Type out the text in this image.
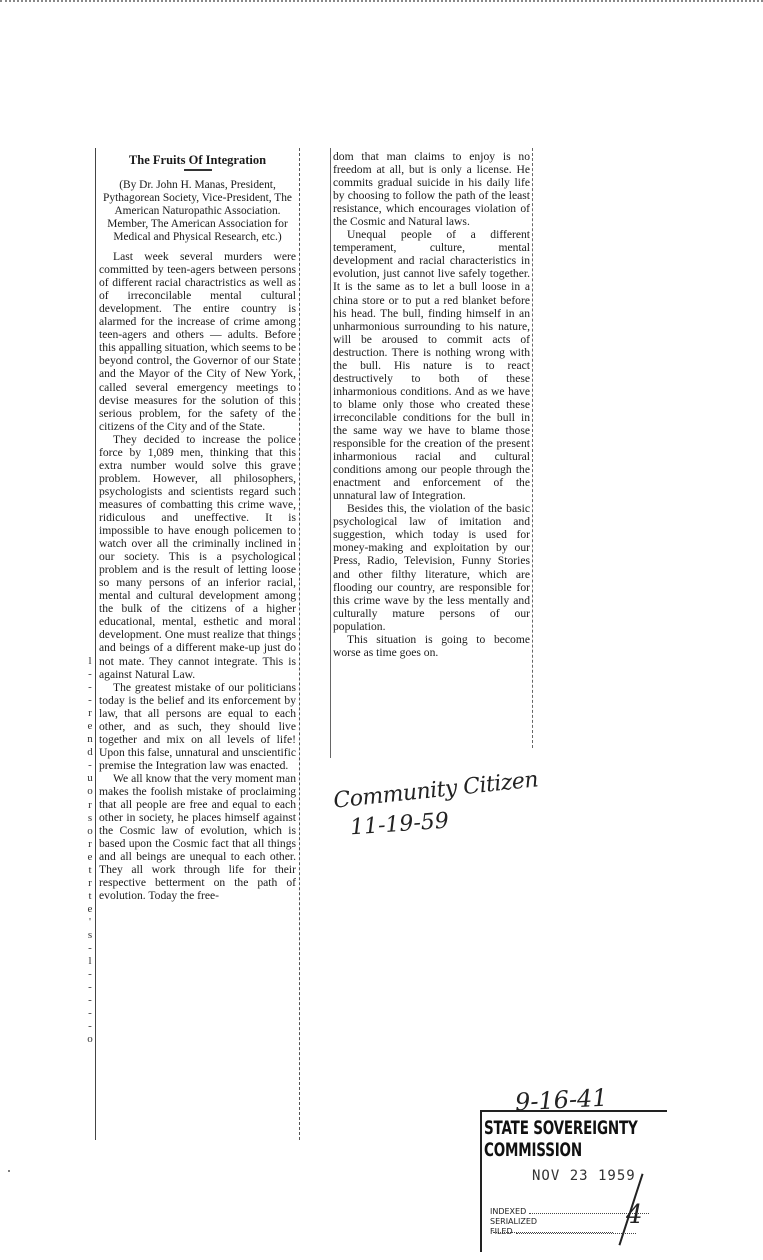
l
-
-
-
r
e
n
d
-
u
o
r
s
o
r
e
t
r
t
e
'
s
-
l
-
-
-
-
-
o
The Fruits Of Integration
(By Dr. John H. Manas, President, Pythagorean Society, Vice-President, The American Naturopathic Association. Member, The American Association for Medical and Physical Research, etc.)

Last week several murders were committed by teen-agers between persons of different racial charactristics as well as of irreconcilable mental cultural development. The entire country is alarmed for the increase of crime among teen-agers and others — adults. Before this appalling situation, which seems to be beyond control, the Governor of our State and the Mayor of the City of New York, called several emergency meetings to devise measures for the solution of this serious problem, for the safety of the citizens of the City and of the State.

They decided to increase the police force by 1,089 men, thinking that this extra number would solve this grave problem. However, all philosophers, psychologists and scientists regard such measures of combatting this crime wave, ridiculous and uneffective. It is impossible to have enough policemen to watch over all the criminally inclined in our society. This is a psychological problem and is the result of letting loose so many persons of an inferior racial, mental and cultural development among the bulk of the citizens of a higher educational, mental, esthetic and moral development. One must realize that things and beings of a different make-up just do not mate. They cannot integrate. This is against Natural Law.

The greatest mistake of our politicians today is the belief and its enforcement by law, that all persons are equal to each other, and as such, they should live together and mix on all levels of life! Upon this false, unnatural and unscientific premise the Integration law was enacted.

We all know that the very moment man makes the foolish mistake of proclaiming that all people are free and equal to each other in society, he places himself against the Cosmic law of evolution, which is based upon the Cosmic fact that all things and all beings are unequal to each other. They all work through life for their respective betterment on the path of evolution. Today the free-

dom that man claims to enjoy is no freedom at all, but is only a license. He commits gradual suicide in his daily life by choosing to follow the path of the least resistance, which encourages violation of the Cosmic and Natural laws.

Unequal people of a different temperament, culture, mental development and racial characteristics in evolution, just cannot live safely together. It is the same as to let a bull loose in a china store or to put a red blanket before his head. The bull, finding himself in an unharmonious surrounding to his nature, will be aroused to commit acts of destruction. There is nothing wrong with the bull. His nature is to react destructively to both of these inharmonious conditions. And as we have to blame only those who created these irreconcilable conditions for the bull in the same way we have to blame those responsible for the creation of the present inharmonious racial and cultural conditions among our people through the enactment and enforcement of the unnatural law of Integration.

Besides this, the violation of the basic psychological law of imitation and suggestion, which today is used for money-making and exploitation by our Press, Radio, Television, Funny Stories and other filthy literature, which are flooding our country, are responsible for this crime wave by the less mentally and culturally mature persons of our population.

This situation is going to become worse as time goes on.

Community Citizen
11-19-59
9-16-41
STATE SOVEREIGNTY COMMISSION
NOV 23 1959
INDEXED
SERIALIZED
FILED
4
